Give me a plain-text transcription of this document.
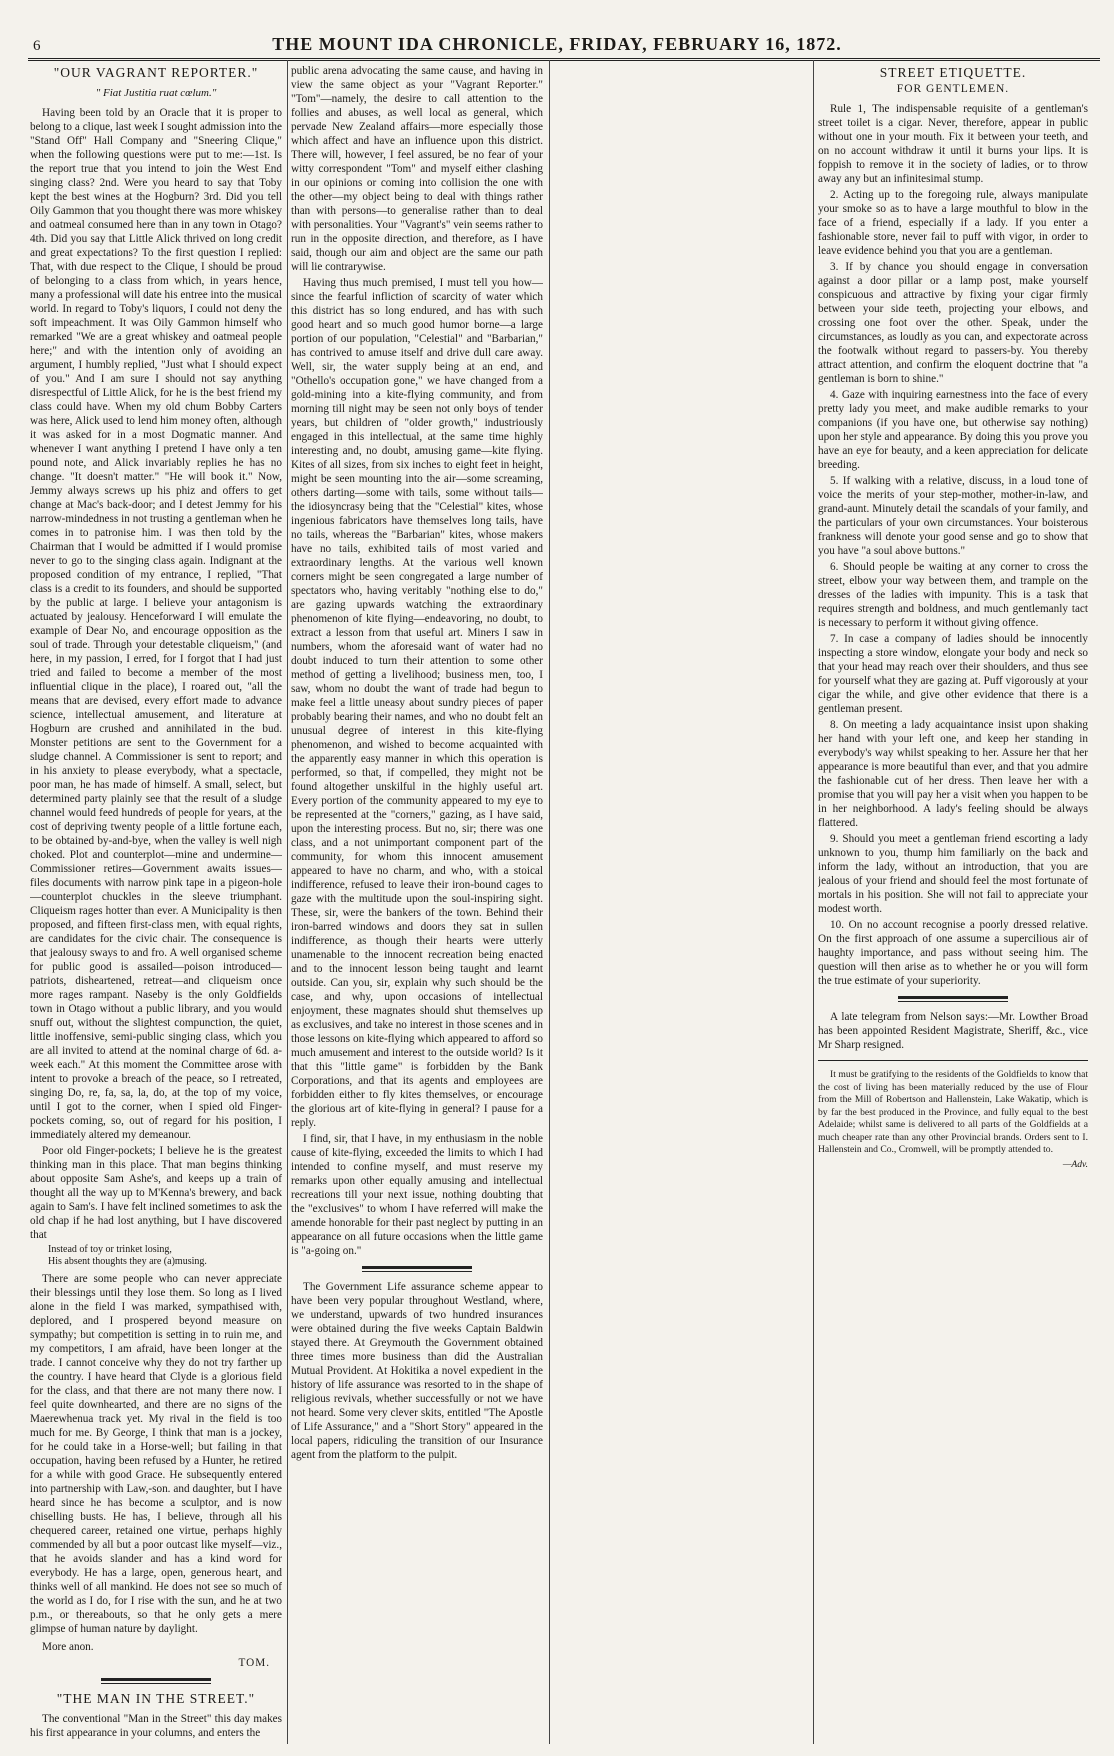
6	THE MOUNT IDA CHRONICLE, FRIDAY, FEBRUARY 16, 1872.
"OUR VAGRANT REPORTER."
" Fiat Justitia ruat cœlum."

Having been told by an Oracle that it is proper to belong to a clique, last week I sought admission into the "Stand Off" Hall Company and "Sneering Clique," when the following questions were put to me:—1st. Is the report true that you intend to join the West End singing class? 2nd. Were you heard to say that Toby kept the best wines at the Hogburn? 3rd. Did you tell Oily Gammon that you thought there was more whiskey and oatmeal consumed here than in any town in Otago? 4th. Did you say that Little Alick thrived on long credit and great expectations? To the first question I replied: That, with due respect to the Clique, I should be proud of belonging to a class from which, in years hence, many a professional will date his entree into the musical world. In regard to Toby's liquors, I could not deny the soft impeachment. It was Oily Gammon himself who remarked "We are a great whiskey and oatmeal people here;" and with the intention only of avoiding an argument, I humbly replied, "Just what I should expect of you." And I am sure I should not say anything disrespectful of Little Alick, for he is the best friend my class could have. When my old chum Bobby Carters was here, Alick used to lend him money often, although it was asked for in a most Dogmatic manner. And whenever I want anything I pretend I have only a ten pound note, and Alick invariably replies he has no change. "It doesn't matter." "He will book it." Now, Jemmy always screws up his phiz and offers to get change at Mac's back-door; and I detest Jemmy for his narrow-mindedness in not trusting a gentleman when he comes in to patronise him. I was then told by the Chairman that I would be admitted if I would promise never to go to the singing class again. Indignant at the proposed condition of my entrance, I replied, "That class is a credit to its founders, and should be supported by the public at large. I believe your antagonism is actuated by jealousy. Henceforward I will emulate the example of Dear No, and encourage opposition as the soul of trade. Through your detestable cliqueism," (and here, in my passion, I erred, for I forgot that I had just tried and failed to become a member of the most influential clique in the place), I roared out, "all the means that are devised, every effort made to advance science, intellectual amusement, and literature at Hogburn are crushed and annihilated in the bud. Monster petitions are sent to the Government for a sludge channel. A Commissioner is sent to report; and in his anxiety to please everybody, what a spectacle, poor man, he has made of himself. A small, select, but determined party plainly see that the result of a sludge channel would feed hundreds of people for years, at the cost of depriving twenty people of a little fortune each, to be obtained by-and-bye, when the valley is well nigh choked. Plot and counterplot—mine and undermine—Commissioner retires—Government awaits issues—files documents with narrow pink tape in a pigeon-hole—counterplot chuckles in the sleeve triumphant. Cliqueism rages hotter than ever. A Municipality is then proposed, and fifteen first-class men, with equal rights, are candidates for the civic chair. The consequence is that jealousy sways to and fro. A well organised scheme for public good is assailed—poison introduced—patriots, disheartened, retreat—and cliqueism once more rages rampant. Naseby is the only Goldfields town in Otago without a public library, and you would snuff out, without the slightest compunction, the quiet, little inoffensive, semi-public singing class, which you are all invited to attend at the nominal charge of 6d. a-week each." At this moment the Committee arose with intent to provoke a breach of the peace, so I retreated, singing Do, re, fa, sa, la, do, at the top of my voice, until I got to the corner, when I spied old Finger-pockets coming, so, out of regard for his position, I immediately altered my demeanour.

Poor old Finger-pockets; I believe he is the greatest thinking man in this place. That man begins thinking about opposite Sam Ashe's, and keeps up a train of thought all the way up to M'Kenna's brewery, and back again to Sam's. I have felt inclined sometimes to ask the old chap if he had lost anything, but I have discovered that

Instead of toy or trinket losing,
His absent thoughts they are (a)musing.

There are some people who can never appreciate their blessings until they lose them. So long as I lived alone in the field I was marked, sympathised with, deplored, and I prospered beyond measure on sympathy; but competition is setting in to ruin me, and my competitors, I am afraid, have been longer at the trade. I cannot conceive why they do not try farther up the country. I have heard that Clyde is a glorious field for the class, and that there are not many there now. I feel quite downhearted, and there are no signs of the Maerewhenua track yet. My rival in the field is too much for me. By George, I think that man is a jockey, for he could take in a Horse-well; but failing in that occupation, having been refused by a Hunter, he retired for a while with good Grace. He subsequently entered into partnership with Law,-son. and daughter, but I have heard since he has become a sculptor, and is now chiselling busts. He has, I believe, through all his chequered career, retained one virtue, perhaps highly commended by all but a poor outcast like myself—viz., that he avoids slander and has a kind word for everybody. He has a large, open, generous heart, and thinks well of all mankind. He does not see so much of the world as I do, for I rise with the sun, and he at two p.m., or thereabouts, so that he only gets a mere glimpse of human nature by daylight.

More anon.
TOM.
"THE MAN IN THE STREET."

The conventional "Man in the Street" this day makes his first appearance in your columns, and enters the

public arena advocating the same cause, and having in view the same object as your "Vagrant Reporter." "Tom"—namely, the desire to call attention to the follies and abuses, as well local as general, which pervade New Zealand affairs—more especially those which affect and have an influence upon this district. There will, however, I feel assured, be no fear of your witty correspondent "Tom" and myself either clashing in our opinions or coming into collision the one with the other—my object being to deal with things rather than with persons—to generalise rather than to deal with personalities. Your "Vagrant's" vein seems rather to run in the opposite direction, and therefore, as I have said, though our aim and object are the same our path will lie contrarywise.

Having thus much premised, I must tell you how—since the fearful infliction of scarcity of water which this district has so long endured, and has with such good heart and so much good humor borne—a large portion of our population, "Celestial" and "Barbarian," has contrived to amuse itself and drive dull care away. Well, sir, the water supply being at an end, and "Othello's occupation gone," we have changed from a gold-mining into a kite-flying community, and from morning till night may be seen not only boys of tender years, but children of "older growth," industriously engaged in this intellectual, at the same time highly interesting and, no doubt, amusing game—kite flying. Kites of all sizes, from six inches to eight feet in height, might be seen mounting into the air—some screaming, others darting—some with tails, some without tails—the idiosyncrasy being that the "Celestial" kites, whose ingenious fabricators have themselves long tails, have no tails, whereas the "Barbarian" kites, whose makers have no tails, exhibited tails of most varied and extraordinary lengths. At the various well known corners might be seen congregated a large number of spectators who, having veritably "nothing else to do," are gazing upwards watching the extraordinary phenomenon of kite flying—endeavoring, no doubt, to extract a lesson from that useful art. Miners I saw in numbers, whom the aforesaid want of water had no doubt induced to turn their attention to some other method of getting a livelihood; business men, too, I saw, whom no doubt the want of trade had begun to make feel a little uneasy about sundry pieces of paper probably bearing their names, and who no doubt felt an unusual degree of interest in this kite-flying phenomenon, and wished to become acquainted with the apparently easy manner in which this operation is performed, so that, if compelled, they might not be found altogether unskilful in the highly useful art. Every portion of the community appeared to my eye to be represented at the "corners," gazing, as I have said, upon the interesting process. But no, sir; there was one class, and a not unimportant component part of the community, for whom this innocent amusement appeared to have no charm, and who, with a stoical indifference, refused to leave their iron-bound cages to gaze with the multitude upon the soul-inspiring sight. These, sir, were the bankers of the town. Behind their iron-barred windows and doors they sat in sullen indifference, as though their hearts were utterly unamenable to the innocent recreation being enacted and to the innocent lesson being taught and learnt outside. Can you, sir, explain why such should be the case, and why, upon occasions of intellectual enjoyment, these magnates should shut themselves up as exclusives, and take no interest in those scenes and in those lessons on kite-flying which appeared to afford so much amusement and interest to the outside world? Is it that this "little game" is forbidden by the Bank Corporations, and that its agents and employees are forbidden either to fly kites themselves, or encourage the glorious art of kite-flying in general? I pause for a reply.

I find, sir, that I have, in my enthusiasm in the noble cause of kite-flying, exceeded the limits to which I had intended to confine myself, and must reserve my remarks upon other equally amusing and intellectual recreations till your next issue, nothing doubting that the "exclusives" to whom I have referred will make the amende honorable for their past neglect by putting in an appearance on all future occasions when the little game is "a-going on."

The Government Life assurance scheme appear to have been very popular throughout Westland, where, we understand, upwards of two hundred insurances were obtained during the five weeks Captain Baldwin stayed there. At Greymouth the Government obtained three times more business than did the Australian Mutual Provident. At Hokitika a novel expedient in the history of life assurance was resorted to in the shape of religious revivals, whether successfully or not we have not heard. Some very clever skits, entitled "The Apostle of Life Assurance," and a "Short Story" appeared in the local papers, ridiculing the transition of our Insurance agent from the platform to the pulpit.

STREET ETIQUETTE.
FOR GENTLEMEN.

Rule 1, The indispensable requisite of a gentleman's street toilet is a cigar. Never, therefore, appear in public without one in your mouth. Fix it between your teeth, and on no account withdraw it until it burns your lips. It is foppish to remove it in the society of ladies, or to throw away any but an infinitesimal stump.

2. Acting up to the foregoing rule, always manipulate your smoke so as to have a large mouthful to blow in the face of a friend, especially if a lady. If you enter a fashionable store, never fail to puff with vigor, in order to leave evidence behind you that you are a gentleman.

3. If by chance you should engage in conversation against a door pillar or a lamp post, make yourself conspicuous and attractive by fixing your cigar firmly between your side teeth, projecting your elbows, and crossing one foot over the other. Speak, under the circumstances, as loudly as you can, and expectorate across the footwalk without regard to passers-by. You thereby attract attention, and confirm the eloquent doctrine that "a gentleman is born to shine."

4. Gaze with inquiring earnestness into the face of every pretty lady you meet, and make audible remarks to your companions (if you have one, but otherwise say nothing) upon her style and appearance. By doing this you prove you have an eye for beauty, and a keen appreciation for delicate breeding.

5. If walking with a relative, discuss, in a loud tone of voice the merits of your step-mother, mother-in-law, and grand-aunt. Minutely detail the scandals of your family, and the particulars of your own circumstances. Your boisterous frankness will denote your good sense and go to show that you have "a soul above buttons."

6. Should people be waiting at any corner to cross the street, elbow your way between them, and trample on the dresses of the ladies with impunity. This is a task that requires strength and boldness, and much gentlemanly tact is necessary to perform it without giving offence.

7. In case a company of ladies should be innocently inspecting a store window, elongate your body and neck so that your head may reach over their shoulders, and thus see for yourself what they are gazing at. Puff vigorously at your cigar the while, and give other evidence that there is a gentleman present.

8. On meeting a lady acquaintance insist upon shaking her hand with your left one, and keep her standing in everybody's way whilst speaking to her. Assure her that her appearance is more beautiful than ever, and that you admire the fashionable cut of her dress. Then leave her with a promise that you will pay her a visit when you happen to be in her neighborhood. A lady's feeling should be always flattered.

9. Should you meet a gentleman friend escorting a lady unknown to you, thump him familiarly on the back and inform the lady, without an introduction, that you are jealous of your friend and should feel the most fortunate of mortals in his position. She will not fail to appreciate your modest worth.

10. On no account recognise a poorly dressed relative. On the first approach of one assume a supercilious air of haughty importance, and pass without seeing him. The question will then arise as to whether he or you will form the true estimate of your superiority.

A late telegram from Nelson says:—Mr. Lowther Broad has been appointed Resident Magistrate, Sheriff, &c., vice Mr Sharp resigned.

It must be gratifying to the residents of the Goldfields to know that the cost of living has been materially reduced by the use of Flour from the Mill of Robertson and Hallenstein, Lake Wakatip, which is by far the best produced in the Province, and fully equal to the best Adelaide; whilst same is delivered to all parts of the Goldfields at a much cheaper rate than any other Provincial brands. Orders sent to I. Hallenstein and Co., Cromwell, will be promptly attended to.

—Adv.
